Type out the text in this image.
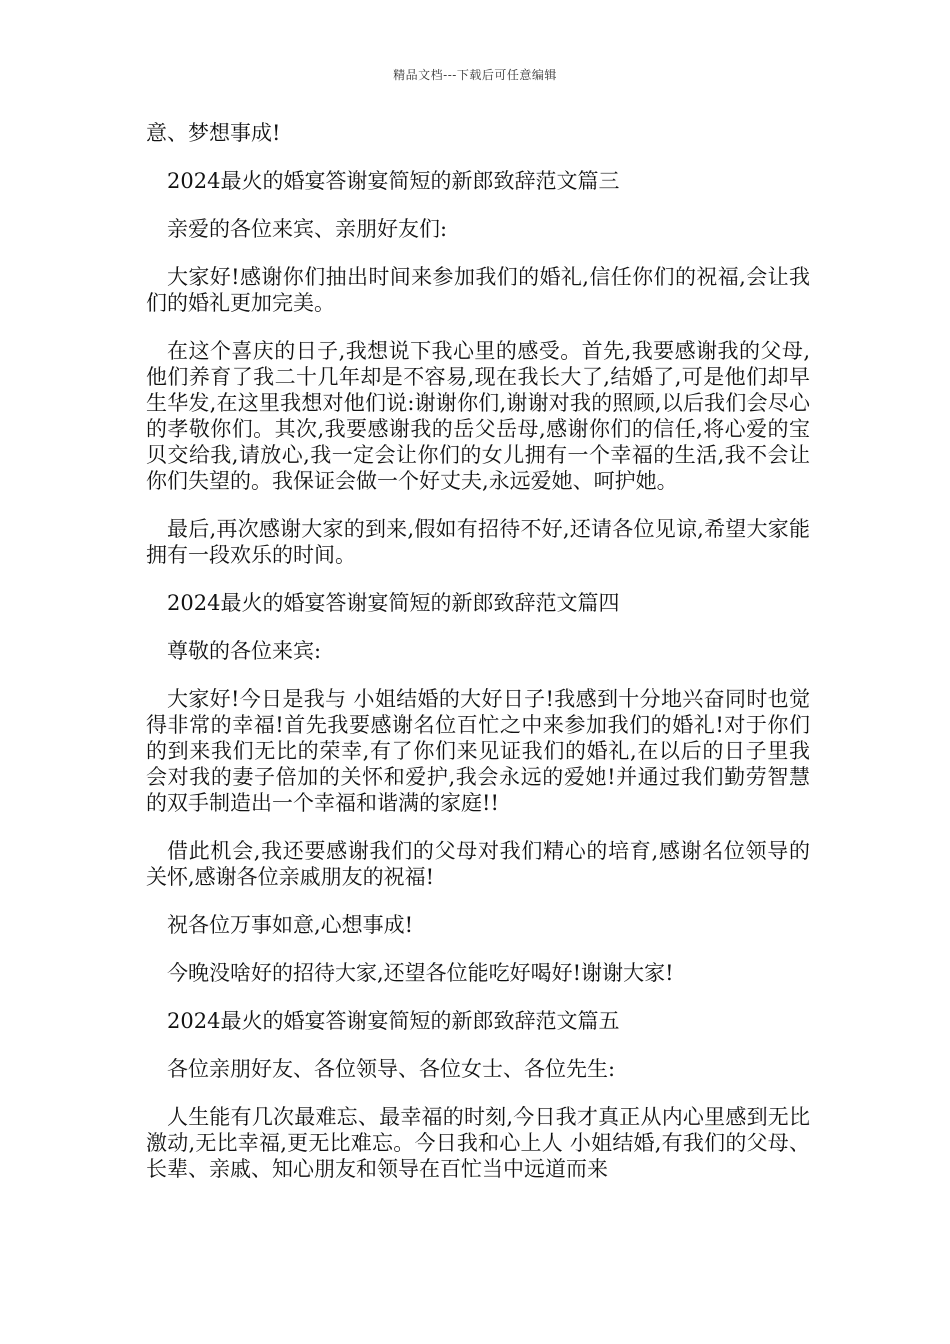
精品文档---下载后可任意编辑

意、梦想事成!

2024最火的婚宴答谢宴简短的新郎致辞范文篇三

亲爱的各位来宾、亲朋好友们:

大家好!感谢你们抽出时间来参加我们的婚礼,信任你们的祝福,会让我们的婚礼更加完美。

在这个喜庆的日子,我想说下我心里的感受。首先,我要感谢我的父母,他们养育了我二十几年却是不容易,现在我长大了,结婚了,可是他们却早生华发,在这里我想对他们说:谢谢你们,谢谢对我的照顾,以后我们会尽心的孝敬你们。其次,我要感谢我的岳父岳母,感谢你们的信任,将心爱的宝贝交给我,请放心,我一定会让你们的女儿拥有一个幸福的生活,我不会让你们失望的。我保证会做一个好丈夫,永远爱她、呵护她。

最后,再次感谢大家的到来,假如有招待不好,还请各位见谅,希望大家能拥有一段欢乐的时间。

2024最火的婚宴答谢宴简短的新郎致辞范文篇四

尊敬的各位来宾:

大家好!今日是我与 小姐结婚的大好日子!我感到十分地兴奋同时也觉得非常的幸福!首先我要感谢名位百忙之中来参加我们的婚礼!对于你们的到来我们无比的荣幸,有了你们来见证我们的婚礼,在以后的日子里我会对我的妻子倍加的关怀和爱护,我会永远的爱她!并通过我们勤劳智慧的双手制造出一个幸福和谐满的家庭!!

借此机会,我还要感谢我们的父母对我们精心的培育,感谢名位领导的关怀,感谢各位亲戚朋友的祝福!

祝各位万事如意,心想事成!

今晚没啥好的招待大家,还望各位能吃好喝好!谢谢大家!

2024最火的婚宴答谢宴简短的新郎致辞范文篇五

各位亲朋好友、各位领导、各位女士、各位先生:

人生能有几次最难忘、最幸福的时刻,今日我才真正从内心里感到无比激动,无比幸福,更无比难忘。今日我和心上人 小姐结婚,有我们的父母、长辈、亲戚、知心朋友和领导在百忙当中远道而来
